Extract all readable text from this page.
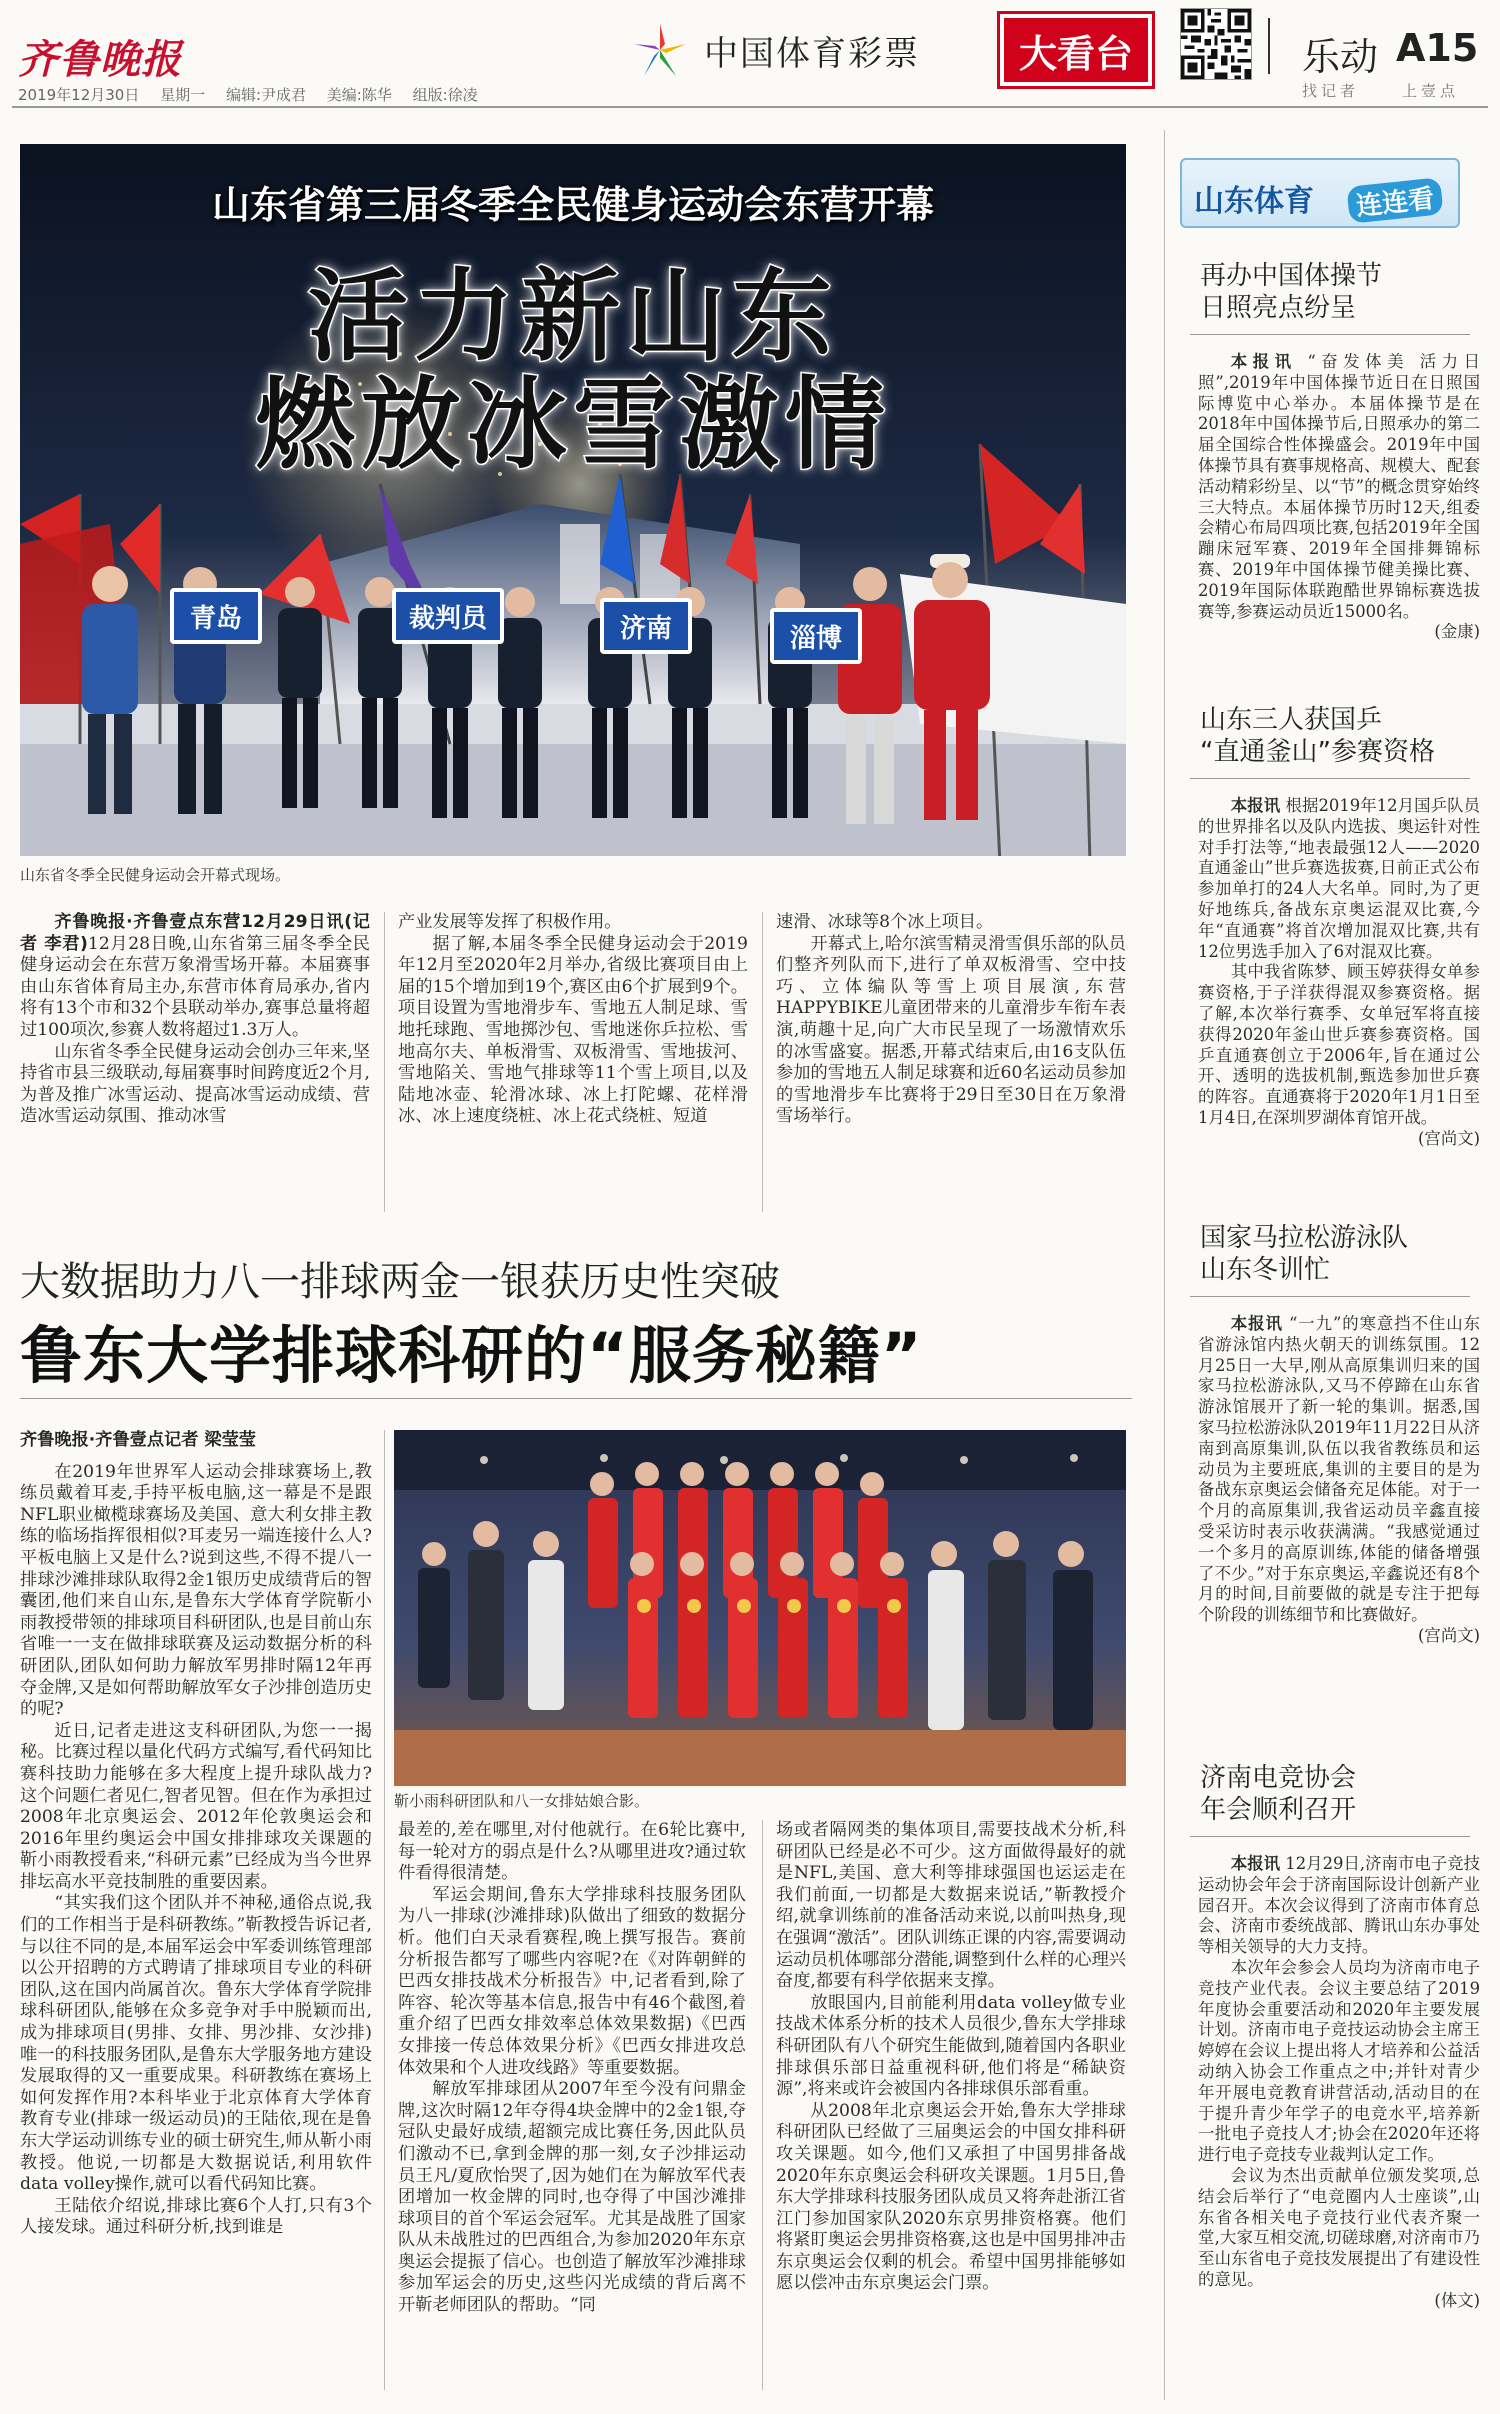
齐鲁晚报
2019年12月30日 星期一 编辑:尹成君 美编:陈华 组版:徐凌
中国体育彩票	大看台	乐动 A15
找记者	上壹点
青岛	裁判员	济南	淄博
山东省第三届冬季全民健身运动会东营开幕
活力新山东
燃放冰雪激情
山东省冬季全民健身运动会开幕式现场。

齐鲁晚报·齐鲁壹点东营12月29日讯(记者 李君)12月28日晚,山东省第三届冬季全民健身运动会在东营万象滑雪场开幕。本届赛事由山东省体育局主办,东营市体育局承办,省内将有13个市和32个县联动举办,赛事总量将超过100项次,参赛人数将超过1.3万人。

山东省冬季全民健身运动会创办三年来,坚持省市县三级联动,每届赛事时间跨度近2个月,为普及推广冰雪运动、提高冰雪运动成绩、营造冰雪运动氛围、推动冰雪

产业发展等发挥了积极作用。

据了解,本届冬季全民健身运动会于2019年12月至2020年2月举办,省级比赛项目由上届的15个增加到19个,赛区由6个扩展到9个。项目设置为雪地滑步车、雪地五人制足球、雪地托球跑、雪地掷沙包、雪地迷你乒拉松、雪地高尔夫、单板滑雪、双板滑雪、雪地拔河、雪地陷关、雪地气排球等11个雪上项目,以及陆地冰壶、轮滑冰球、冰上打陀螺、花样滑冰、冰上速度绕桩、冰上花式绕桩、短道

速滑、冰球等8个冰上项目。

开幕式上,哈尔滨雪精灵滑雪俱乐部的队员们整齐列队而下,进行了单双板滑雪、空中技巧、立体编队等雪上项目展演,东营HAPPYBIKE儿童团带来的儿童滑步车衔车表演,萌趣十足,向广大市民呈现了一场激情欢乐的冰雪盛宴。据悉,开幕式结束后,由16支队伍参加的雪地五人制足球赛和近60名运动员参加的雪地滑步车比赛将于29日至30日在万象滑雪场举行。

大数据助力八一排球两金一银获历史性突破
鲁东大学排球科研的“服务秘籍”
靳小雨科研团队和八一女排姑娘合影。

齐鲁晚报·齐鲁壹点记者 梁莹莹

在2019年世界军人运动会排球赛场上,教练员戴着耳麦,手持平板电脑,这一幕是不是跟NFL职业橄榄球赛场及美国、意大利女排主教练的临场指挥很相似?耳麦另一端连接什么人?平板电脑上又是什么?说到这些,不得不提八一排球沙滩排球队取得2金1银历史成绩背后的智囊团,他们来自山东,是鲁东大学体育学院靳小雨教授带领的排球项目科研团队,也是目前山东省唯一一支在做排球联赛及运动数据分析的科研团队,团队如何助力解放军男排时隔12年再夺金牌,又是如何帮助解放军女子沙排创造历史的呢?

近日,记者走进这支科研团队,为您一一揭秘。比赛过程以量化代码方式编写,看代码知比赛科技助力能够在多大程度上提升球队战力?这个问题仁者见仁,智者见智。但在作为承担过2008年北京奥运会、2012年伦敦奥运会和2016年里约奥运会中国女排排球攻关课题的靳小雨教授看来,“科研元素”已经成为当今世界排坛高水平竞技制胜的重要因素。

“其实我们这个团队并不神秘,通俗点说,我们的工作相当于是科研教练。”靳教授告诉记者,与以往不同的是,本届军运会中军委训练管理部以公开招聘的方式聘请了排球项目专业的科研团队,这在国内尚属首次。鲁东大学体育学院排球科研团队,能够在众多竞争对手中脱颖而出,成为排球项目(男排、女排、男沙排、女沙排)唯一的科技服务团队,是鲁东大学服务地方建设发展取得的又一重要成果。科研教练在赛场上如何发挥作用?本科毕业于北京体育大学体育教育专业(排球一级运动员)的王陆依,现在是鲁东大学运动训练专业的硕士研究生,师从靳小雨教授。他说,一切都是大数据说话,利用软件data volley操作,就可以看代码知比赛。

王陆依介绍说,排球比赛6个人打,只有3个人接发球。通过科研分析,找到谁是

最差的,差在哪里,对付他就行。在6轮比赛中,每一轮对方的弱点是什么?从哪里进攻?通过软件看得很清楚。

军运会期间,鲁东大学排球科技服务团队为八一排球(沙滩排球)队做出了细致的数据分析。他们白天录看赛程,晚上撰写报告。赛前分析报告都写了哪些内容呢?在《对阵朝鲜的巴西女排技战术分析报告》中,记者看到,除了阵容、轮次等基本信息,报告中有46个截图,着重介绍了巴西女排效率总体效果数据)《巴西女排接一传总体效果分析》《巴西女排进攻总体效果和个人进攻线路》等重要数据。

解放军排球团从2007年至今没有问鼎金牌,这次时隔12年夺得4块金牌中的2金1银,夺冠队史最好成绩,超额完成比赛任务,因此队员们激动不已,拿到金牌的那一刻,女子沙排运动员王凡/夏欣怡哭了,因为她们在为解放军代表团增加一枚金牌的同时,也夺得了中国沙滩排球项目的首个军运会冠军。尤其是战胜了国家队从未战胜过的巴西组合,为参加2020年东京奥运会提振了信心。也创造了解放军沙滩排球参加军运会的历史,这些闪光成绩的背后离不开靳老师团队的帮助。“同

场或者隔网类的集体项目,需要技战术分析,科研团队已经是必不可少。这方面做得最好的就是NFL,美国、意大利等排球强国也运运走在我们前面,一切都是大数据来说话,”靳教授介绍,就拿训练前的准备活动来说,以前叫热身,现在强调“激活”。团队训练正课的内容,需要调动运动员机体哪部分潜能,调整到什么样的心理兴奋度,都要有科学依据来支撑。

放眼国内,目前能利用data volley做专业技战术体系分析的技术人员很少,鲁东大学排球科研团队有八个研究生能做到,随着国内各职业排球俱乐部日益重视科研,他们将是“稀缺资源”,将来或许会被国内各排球俱乐部看重。

从2008年北京奥运会开始,鲁东大学排球科研团队已经做了三届奥运会的中国女排科研攻关课题。如今,他们又承担了中国男排备战2020年东京奥运会科研攻关课题。1月5日,鲁东大学排球科技服务团队成员又将奔赴浙江省江门参加国家队2020东京男排资格赛。他们将紧盯奥运会男排资格赛,这也是中国男排冲击东京奥运会仅剩的机会。希望中国男排能够如愿以偿冲击东京奥运会门票。

山东体育	连连看
再办中国体操节
日照亮点纷呈

本报讯 “奋发体美 活力日照”,2019年中国体操节近日在日照国际博览中心举办。本届体操节是在2018年中国体操节后,日照承办的第二届全国综合性体操盛会。2019年中国体操节具有赛事规格高、规模大、配套活动精彩纷呈、以“节”的概念贯穿始终三大特点。本届体操节历时12天,组委会精心布局四项比赛,包括2019年全国蹦床冠军赛、2019年全国排舞锦标赛、2019年中国体操节健美操比赛、2019年国际体联跑酷世界锦标赛选拔赛等,参赛运动员近15000名。

(金康)

山东三人获国乒
“直通釜山”参赛资格

本报讯 根据2019年12月国乒队员的世界排名以及队内选拔、奥运针对性对手打法等,“地表最强12人——2020直通釜山”世乒赛选拔赛,日前正式公布参加单打的24人大名单。同时,为了更好地练兵,备战东京奥运混双比赛,今年“直通赛”将首次增加混双比赛,共有12位男选手加入了6对混双比赛。

其中我省陈梦、顾玉婷获得女单参赛资格,于子洋获得混双参赛资格。据了解,本次举行赛季、女单冠军将直接获得2020年釜山世乒赛参赛资格。国乒直通赛创立于2006年,旨在通过公开、透明的选拔机制,甄选参加世乒赛的阵容。直通赛将于2020年1月1日至1月4日,在深圳罗湖体育馆开战。

(宫尚文)

国家马拉松游泳队
山东冬训忙

本报讯 “一九”的寒意挡不住山东省游泳馆内热火朝天的训练氛围。12月25日一大早,刚从高原集训归来的国家马拉松游泳队,又马不停蹄在山东省游泳馆展开了新一轮的集训。据悉,国家马拉松游泳队2019年11月22日从济南到高原集训,队伍以我省教练员和运动员为主要班底,集训的主要目的是为备战东京奥运会储备充足体能。对于一个月的高原集训,我省运动员辛鑫直接受采访时表示收获满满。“我感觉通过一个多月的高原训练,体能的储备增强了不少。”对于东京奥运,辛鑫说还有8个月的时间,目前要做的就是专注于把每个阶段的训练细节和比赛做好。

(宫尚文)

济南电竞协会
年会顺利召开

本报讯 12月29日,济南市电子竞技运动协会年会于济南国际设计创新产业园召开。本次会议得到了济南市体育总会、济南市委统战部、腾讯山东办事处等相关领导的大力支持。

本次年会参会人员均为济南市电子竞技产业代表。会议主要总结了2019年度协会重要活动和2020年主要发展计划。济南市电子竞技运动协会主席王婷婷在会议上提出将人才培养和公益活动纳入协会工作重点之中;并针对青少年开展电竞教育讲营活动,活动目的在于提升青少年学子的电竞水平,培养新一批电子竞技人才;协会在2020年还将进行电子竞技专业裁判认定工作。

会议为杰出贡献单位颁发奖项,总结会后举行了“电竞圈内人士座谈”,山东省各相关电子竞技行业代表齐聚一堂,大家互相交流,切磋球磨,对济南市乃至山东省电子竞技发展提出了有建设性的意见。

(体文)
